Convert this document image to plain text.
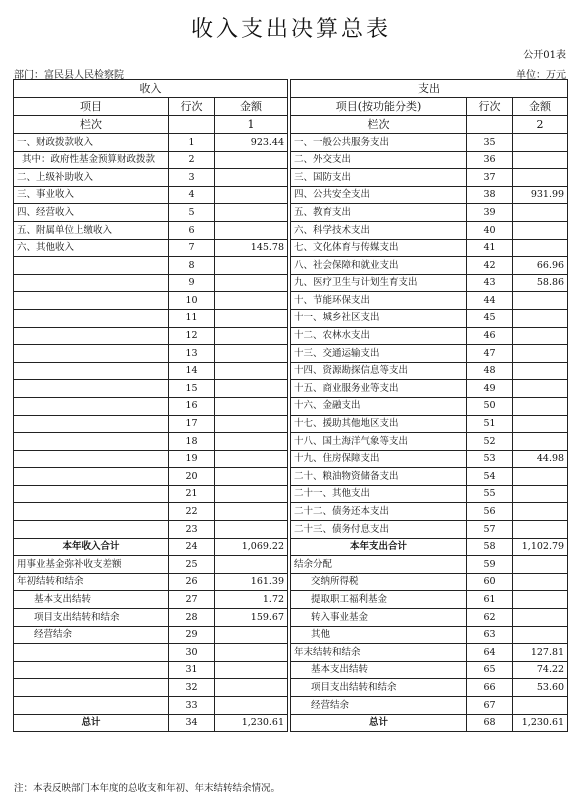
收入支出决算总表
公开01表
部门：富民县人民检察院	单位：万元
收入				支出		
项目	行次	金额		项目(按功能分类)	行次	金额
栏次		1		栏次		2
一、财政拨款收入	1	923.44		一、一般公共服务支出	35	
其中：政府性基金预算财政拨款	2			二、外交支出	36	
二、上级补助收入	3			三、国防支出	37	
三、事业收入	4			四、公共安全支出	38	931.99
四、经营收入	5			五、教育支出	39	
五、附属单位上缴收入	6			六、科学技术支出	40	
六、其他收入	7	145.78		七、文化体育与传媒支出	41	
	8			八、社会保障和就业支出	42	66.96
	9			九、医疗卫生与计划生育支出	43	58.86
	10			十、节能环保支出	44	
	11			十一、城乡社区支出	45	
	12			十二、农林水支出	46	
	13			十三、交通运输支出	47	
	14			十四、资源勘探信息等支出	48	
	15			十五、商业服务业等支出	49	
	16			十六、金融支出	50	
	17			十七、援助其他地区支出	51	
	18			十八、国土海洋气象等支出	52	
	19			十九、住房保障支出	53	44.98
	20			二十、粮油物资储备支出	54	
	21			二十一、其他支出	55	
	22			二十二、债务还本支出	56	
	23			二十三、债务付息支出	57	
本年收入合计	24	1,069.22		本年支出合计	58	1,102.79
用事业基金弥补收支差额	25			结余分配	59	
年初结转和结余	26	161.39		交纳所得税	60	
基本支出结转	27	1.72		提取职工福利基金	61	
项目支出结转和结余	28	159.67		转入事业基金	62	
经营结余	29			其他	63	
	30			年末结转和结余	64	127.81
	31			基本支出结转	65	74.22
	32			项目支出结转和结余	66	53.60
	33			经营结余	67	
总计	34	1,230.61		总计	68	1,230.61
注：本表反映部门本年度的总收支和年初、年末结转结余情况。
